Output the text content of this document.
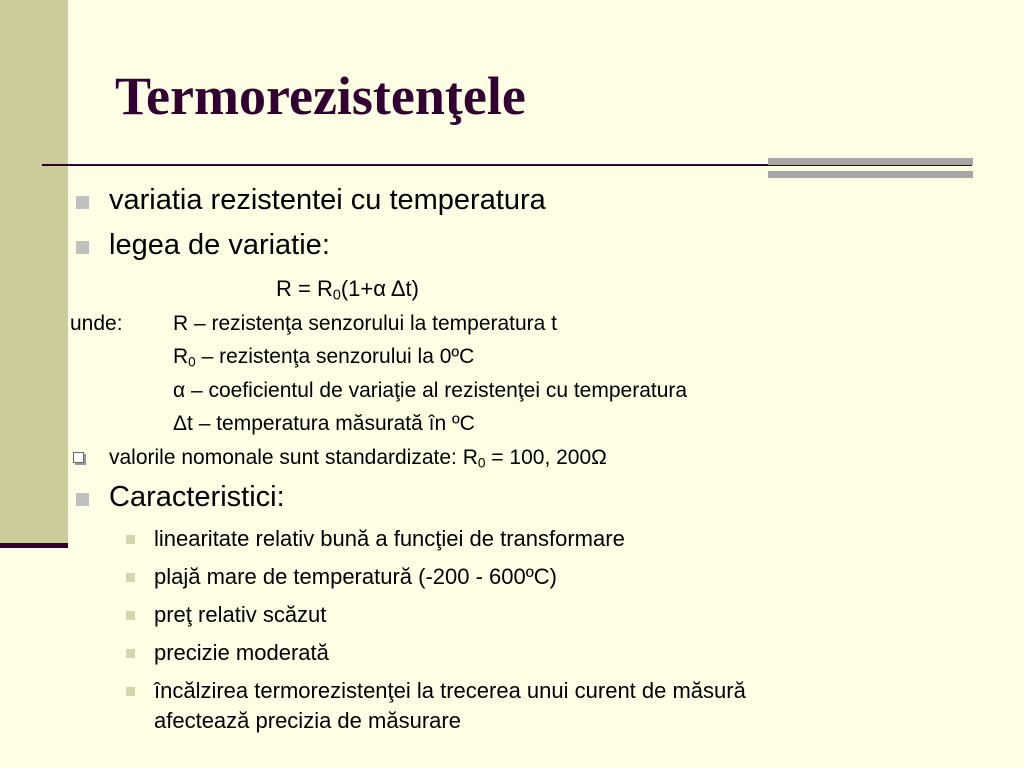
Termorezistenţele
variatia rezistentei cu temperatura
legea de variatie:
$R = R_0(1+\alpha$ Δt)
unde: R – rezistenţa senzorului la temperatura t
$R_0$ – rezistenţa senzorului la 0ºC
α – coeficientul de variaţie al rezistenţei cu temperatura
Δt – temperatura măsurată în ºC
valorile nomonale sunt standardizate: $R_0 = 100$, 200Ω
Caracteristici:
linearitate relativ bună a funcţiei de transformare
plajă mare de temperatură (-200 - 600ºC)
preţ relativ scăzut
precizie moderată
încălzirea termorezistenţei la trecerea unui curent de măsură
afectează precizia de măsurare
